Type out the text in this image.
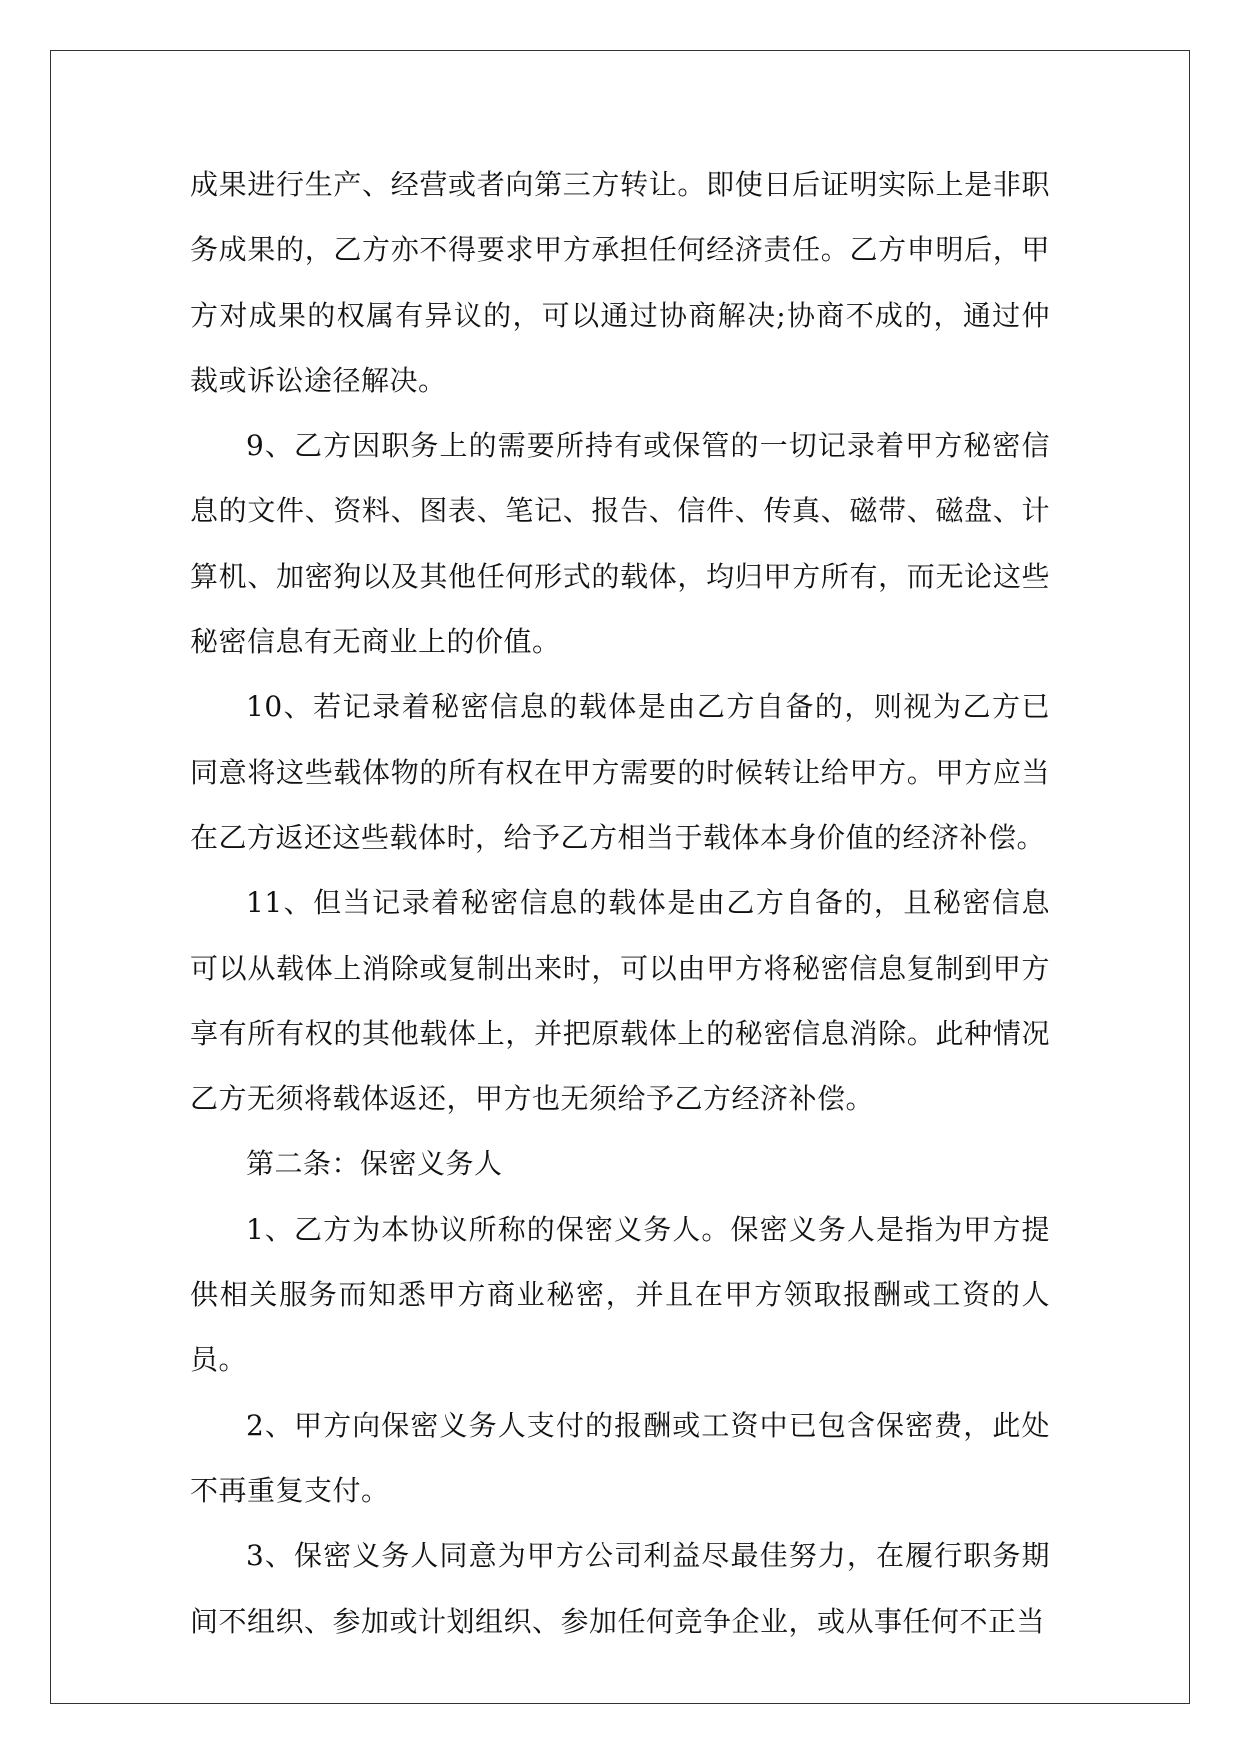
成果进行生产、经营或者向第三方转让。即使日后证明实际上是非职务成果的，乙方亦不得要求甲方承担任何经济责任。乙方申明后，甲方对成果的权属有异议的，可以通过协商解决;协商不成的，通过仲裁或诉讼途径解决。

9、乙方因职务上的需要所持有或保管的一切记录着甲方秘密信息的文件、资料、图表、笔记、报告、信件、传真、磁带、磁盘、计算机、加密狗以及其他任何形式的载体，均归甲方所有，而无论这些秘密信息有无商业上的价值。

10、若记录着秘密信息的载体是由乙方自备的，则视为乙方已同意将这些载体物的所有权在甲方需要的时候转让给甲方。甲方应当在乙方返还这些载体时，给予乙方相当于载体本身价值的经济补偿。

11、但当记录着秘密信息的载体是由乙方自备的，且秘密信息可以从载体上消除或复制出来时，可以由甲方将秘密信息复制到甲方享有所有权的其他载体上，并把原载体上的秘密信息消除。此种情况乙方无须将载体返还，甲方也无须给予乙方经济补偿。

第二条：保密义务人

1、乙方为本协议所称的保密义务人。保密义务人是指为甲方提供相关服务而知悉甲方商业秘密，并且在甲方领取报酬或工资的人员。

2、甲方向保密义务人支付的报酬或工资中已包含保密费，此处不再重复支付。

3、保密义务人同意为甲方公司利益尽最佳努力，在履行职务期间不组织、参加或计划组织、参加任何竞争企业，或从事任何不正当
